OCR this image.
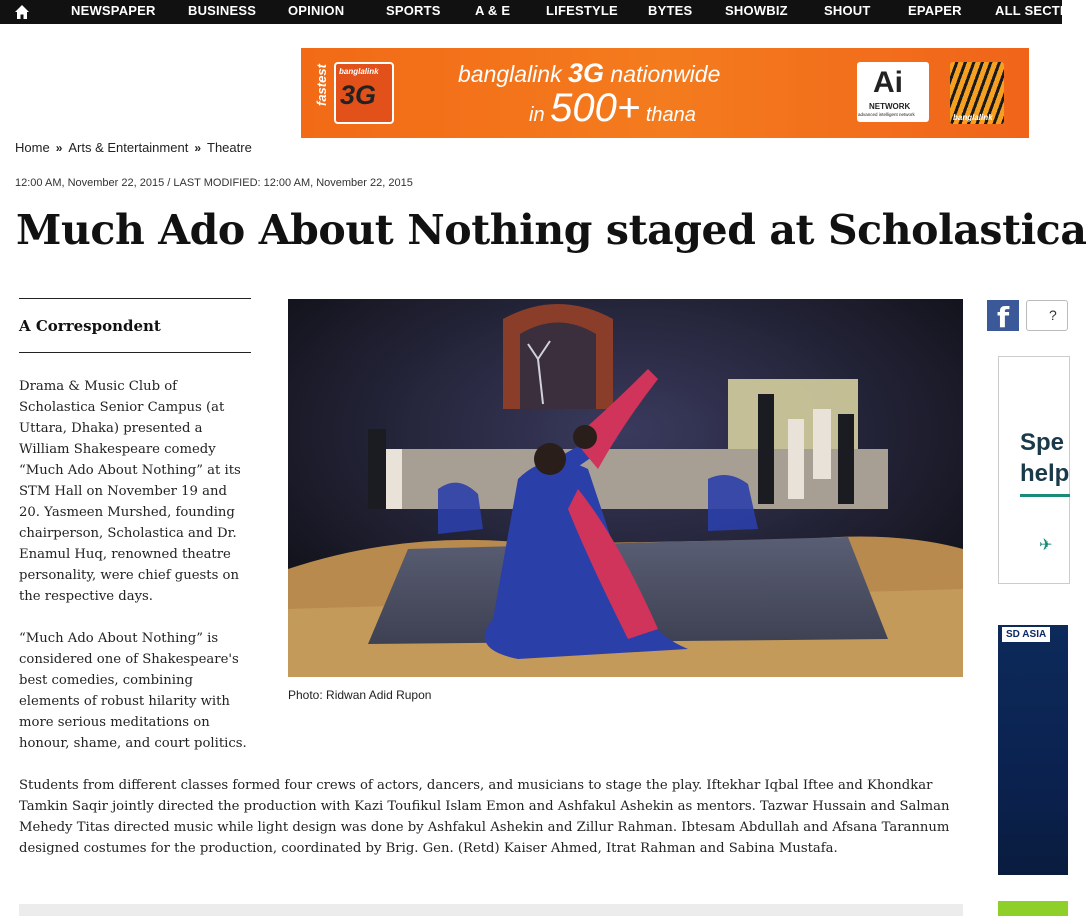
NEWSPAPER BUSINESS OPINION	SPORTS	A & E	LIFESTYLE BYTES	SHOWBIZ	SHOUT	EPAPER	ALL SECTIO
fastest banglalink
3G
banglalink 3G nationwide
in 500+ thana
Ai
NETWORK
advanced intelligent network	banglalink
Home » Arts & Entertainment » Theatre
12:00 AM, November 22, 2015 / LAST MODIFIED: 12:00 AM, November 22, 2015
Much Ado About Nothing staged at Scholastica
A Correspondent

Drama & Music Club of Scholastica Senior Campus (at Uttara, Dhaka) presented a William Shakespeare comedy “Much Ado About Nothing” at its STM Hall on November 19 and 20. Yasmeen Murshed, founding chairperson, Scholastica and Dr. Enamul Huq, renowned theatre personality, were chief guests on the respective days.

“Much Ado About Nothing” is considered one of Shakespeare's best comedies, combining elements of robust hilarity with more serious meditations on honour, shame, and court politics.

Photo: Ridwan Adid Rupon

Students from different classes formed four crews of actors, dancers, and musicians to stage the play. Iftekhar Iqbal Iftee and Khondkar Tamkin Saqir jointly directed the production with Kazi Toufikul Islam Emon and Ashfakul Ashekin as mentors. Tazwar Hussain and Salman Mehedy Titas directed music while light design was done by Ashfakul Ashekin and Zillur Rahman. Ibtesam Abdullah and Afsana Tarannum designed costumes for the production, coordinated by Brig. Gen. (Retd) Kaiser Ahmed, Itrat Rahman and Sabina Mustafa.

f	?
Spe
help
✈
SD ASIA
